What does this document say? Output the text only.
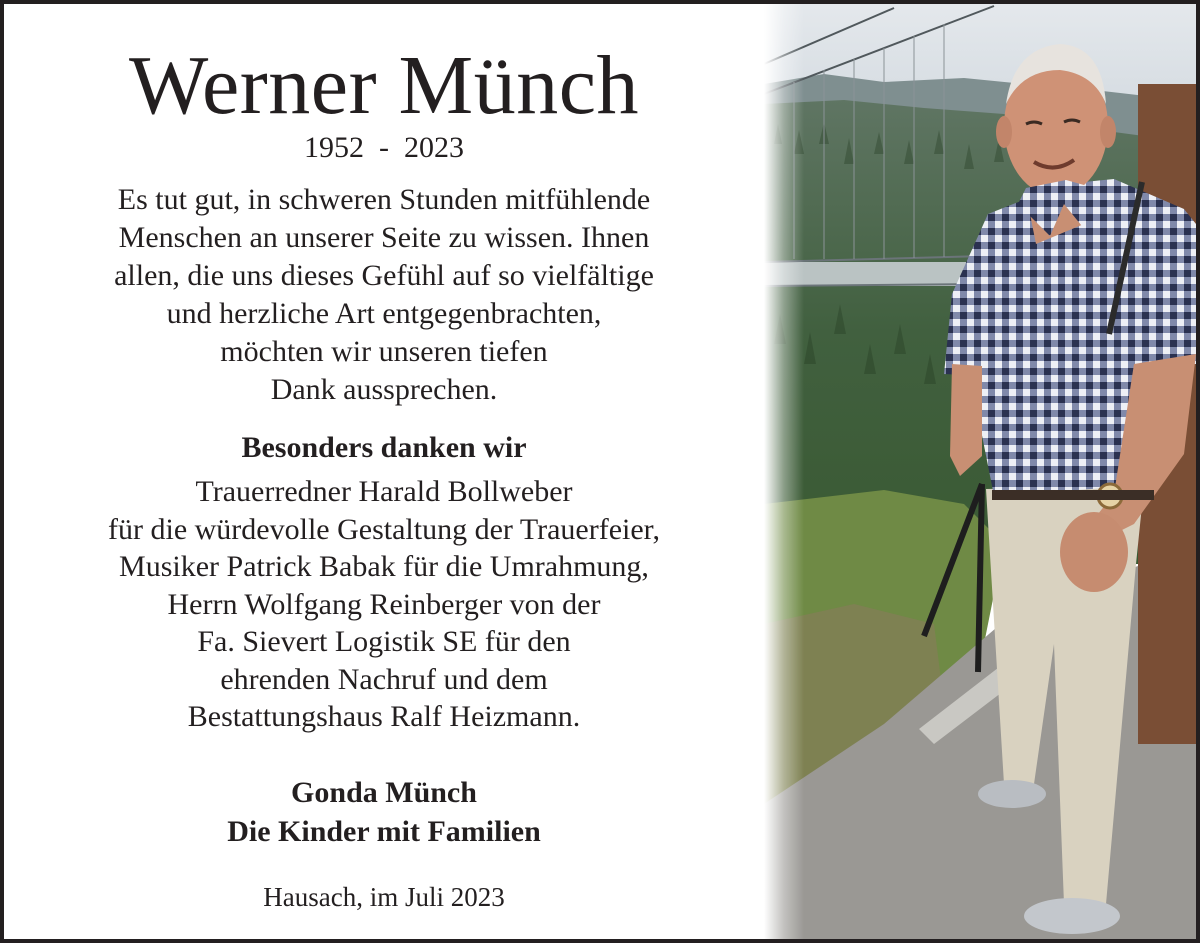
Werner Münch
1952  -  2023
Es tut gut, in schweren Stunden mitfühlende
Menschen an unserer Seite zu wissen. Ihnen
allen, die uns dieses Gefühl auf so vielfältige
und herzliche Art entgegenbrachten,
möchten wir unseren tiefen
Dank aussprechen.
Besonders danken wir
Trauerredner Harald Bollweber
für die würdevolle Gestaltung der Trauerfeier,
Musiker Patrick Babak für die Umrahmung,
Herrn Wolfgang Reinberger von der
Fa. Sievert Logistik SE für den
ehrenden Nachruf und dem
Bestattungshaus Ralf Heizmann.
Gonda Münch
Die Kinder mit Familien
Hausach, im Juli 2023
